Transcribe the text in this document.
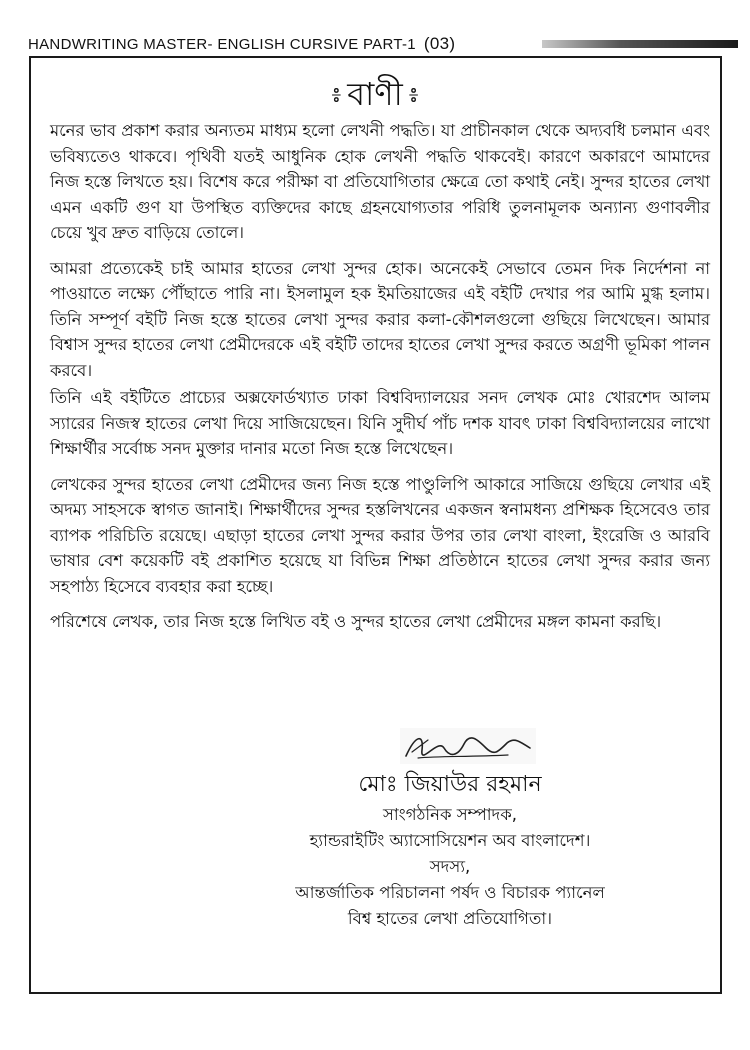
HANDWRITING MASTER- ENGLISH CURSIVE PART-1 (03)
៖ বাণী ៖

মনের ভাব প্রকাশ করার অন্যতম মাধ্যম হলো লেখনী পদ্ধতি। যা প্রাচীনকাল থেকে অদ্যবধি চলমান এবং ভবিষ্যতেও থাকবে। পৃথিবী যতই আধুনিক হোক লেখনী পদ্ধতি থাকবেই। কারণে অকারণে আমাদের নিজ হস্তে লিখতে হয়। বিশেষ করে পরীক্ষা বা প্রতিযোগিতার ক্ষেত্রে তো কথাই নেই। সুন্দর হাতের লেখা এমন একটি গুণ যা উপস্থিত ব্যক্তিদের কাছে গ্রহনযোগ্যতার পরিধি তুলনামূলক অন্যান্য গুণাবলীর চেয়ে খুব দ্রুত বাড়িয়ে তোলে।

আমরা প্রত্যেকেই চাই আমার হাতের লেখা সুন্দর হোক। অনেকেই সেভাবে তেমন দিক নির্দেশনা না পাওয়াতে লক্ষ্যে পৌঁছাতে পারি না। ইসলামুল হক ইমতিয়াজের এই বইটি দেখার পর আমি মুগ্ধ হলাম। তিনি সম্পূর্ণ বইটি নিজ হস্তে হাতের লেখা সুন্দর করার কলা-কৌশলগুলো গুছিয়ে লিখেছেন। আমার বিশ্বাস সুন্দর হাতের লেখা প্রেমীদেরকে এই বইটি তাদের হাতের লেখা সুন্দর করতে অগ্রণী ভূমিকা পালন করবে।

তিনি এই বইটিতে প্রাচ্যের অক্সফোর্ডখ্যাত ঢাকা বিশ্ববিদ্যালয়ের সনদ লেখক মোঃ খোরশেদ আলম স্যারের নিজস্ব হাতের লেখা দিয়ে সাজিয়েছেন। যিনি সুদীর্ঘ পাঁচ দশক যাবৎ ঢাকা বিশ্ববিদ্যালয়ের লাখো শিক্ষার্থীর সর্বোচ্চ সনদ মুক্তার দানার মতো নিজ হস্তে লিখেছেন।

লেখকের সুন্দর হাতের লেখা প্রেমীদের জন্য নিজ হস্তে পাণ্ডুলিপি আকারে সাজিয়ে গুছিয়ে লেখার এই অদম্য সাহসকে স্বাগত জানাই। শিক্ষার্থীদের সুন্দর হস্তলিখনের একজন স্বনামধন্য প্রশিক্ষক হিসেবেও তার ব্যাপক পরিচিতি রয়েছে। এছাড়া হাতের লেখা সুন্দর করার উপর তার লেখা বাংলা, ইংরেজি ও আরবি ভাষার বেশ কয়েকটি বই প্রকাশিত হয়েছে যা বিভিন্ন শিক্ষা প্রতিষ্ঠানে হাতের লেখা সুন্দর করার জন্য সহপাঠ্য হিসেবে ব্যবহার করা হচ্ছে।

পরিশেষে লেখক, তার নিজ হস্তে লিখিত বই ও সুন্দর হাতের লেখা প্রেমীদের মঙ্গল কামনা করছি।

মোঃ জিয়াউর রহমান
সাংগঠনিক সম্পাদক,
হ্যান্ডরাইটিং অ্যাসোসিয়েশন অব বাংলাদেশ।
সদস্য,
আন্তর্জাতিক পরিচালনা পর্ষদ ও বিচারক প্যানেল
বিশ্ব হাতের লেখা প্রতিযোগিতা।
